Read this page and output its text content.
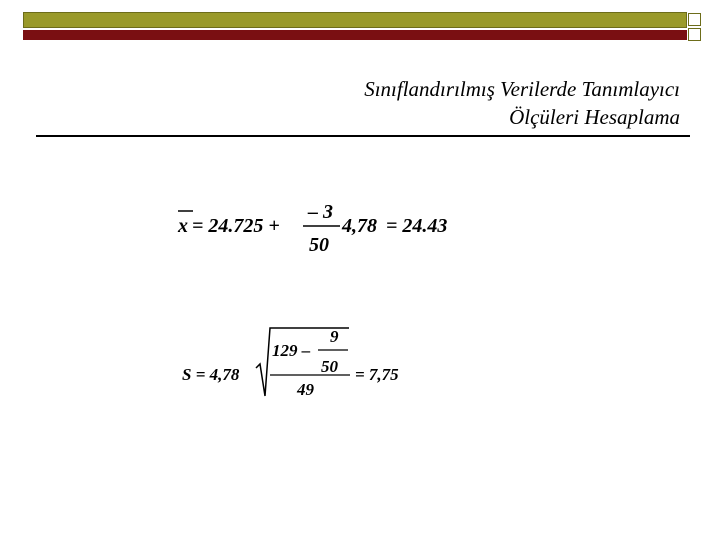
Sınıflandırılmış Verilerde Tanımlayıcı
Ölçüleri Hesaplama
x = 24.725 +
– 3
50
4,78 = 24.43
S = 4,78
129 –
9
50
49
= 7,75
